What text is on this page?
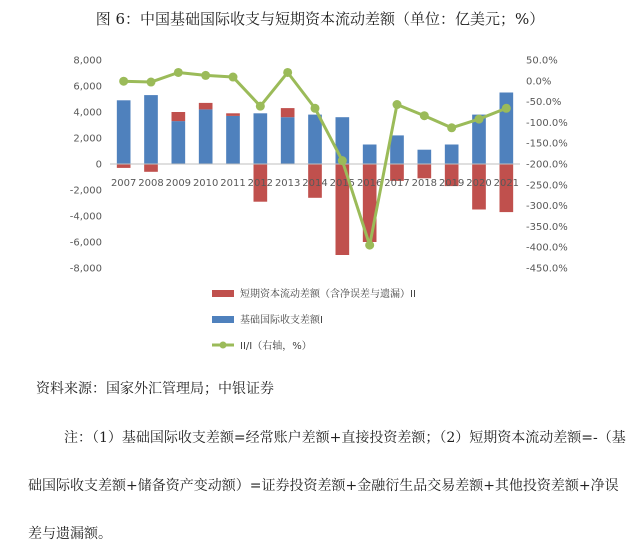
图 6：中国基础国际收支与短期资本流动差额（单位：亿美元；%）
8,000
6,000
4,000
2,000
0
-2,000
-4,000
-6,000
-8,000
50.0%
0.0%
-50.0%
-100.0%
-150.0%
-200.0%
-250.0%
-300.0%
-350.0%
-400.0%
-450.0%
2007 2008 2009 2010 2011 2012 2013 2014 2015 2016 2017 2018 2019 2020 2021
短期资本流动差额（含净误差与遗漏）II
基础国际收支差额I
II/I（右轴，%）
资料来源：国家外汇管理局；中银证券
注：（1）基础国际收支差额=经常账户差额+直接投资差额；（2）短期资本流动差额=-（基础国际收支差额+储备资产变动额）=证券投资差额+金融衍生品交易差额+其他投资差额+净误差与遗漏额。
